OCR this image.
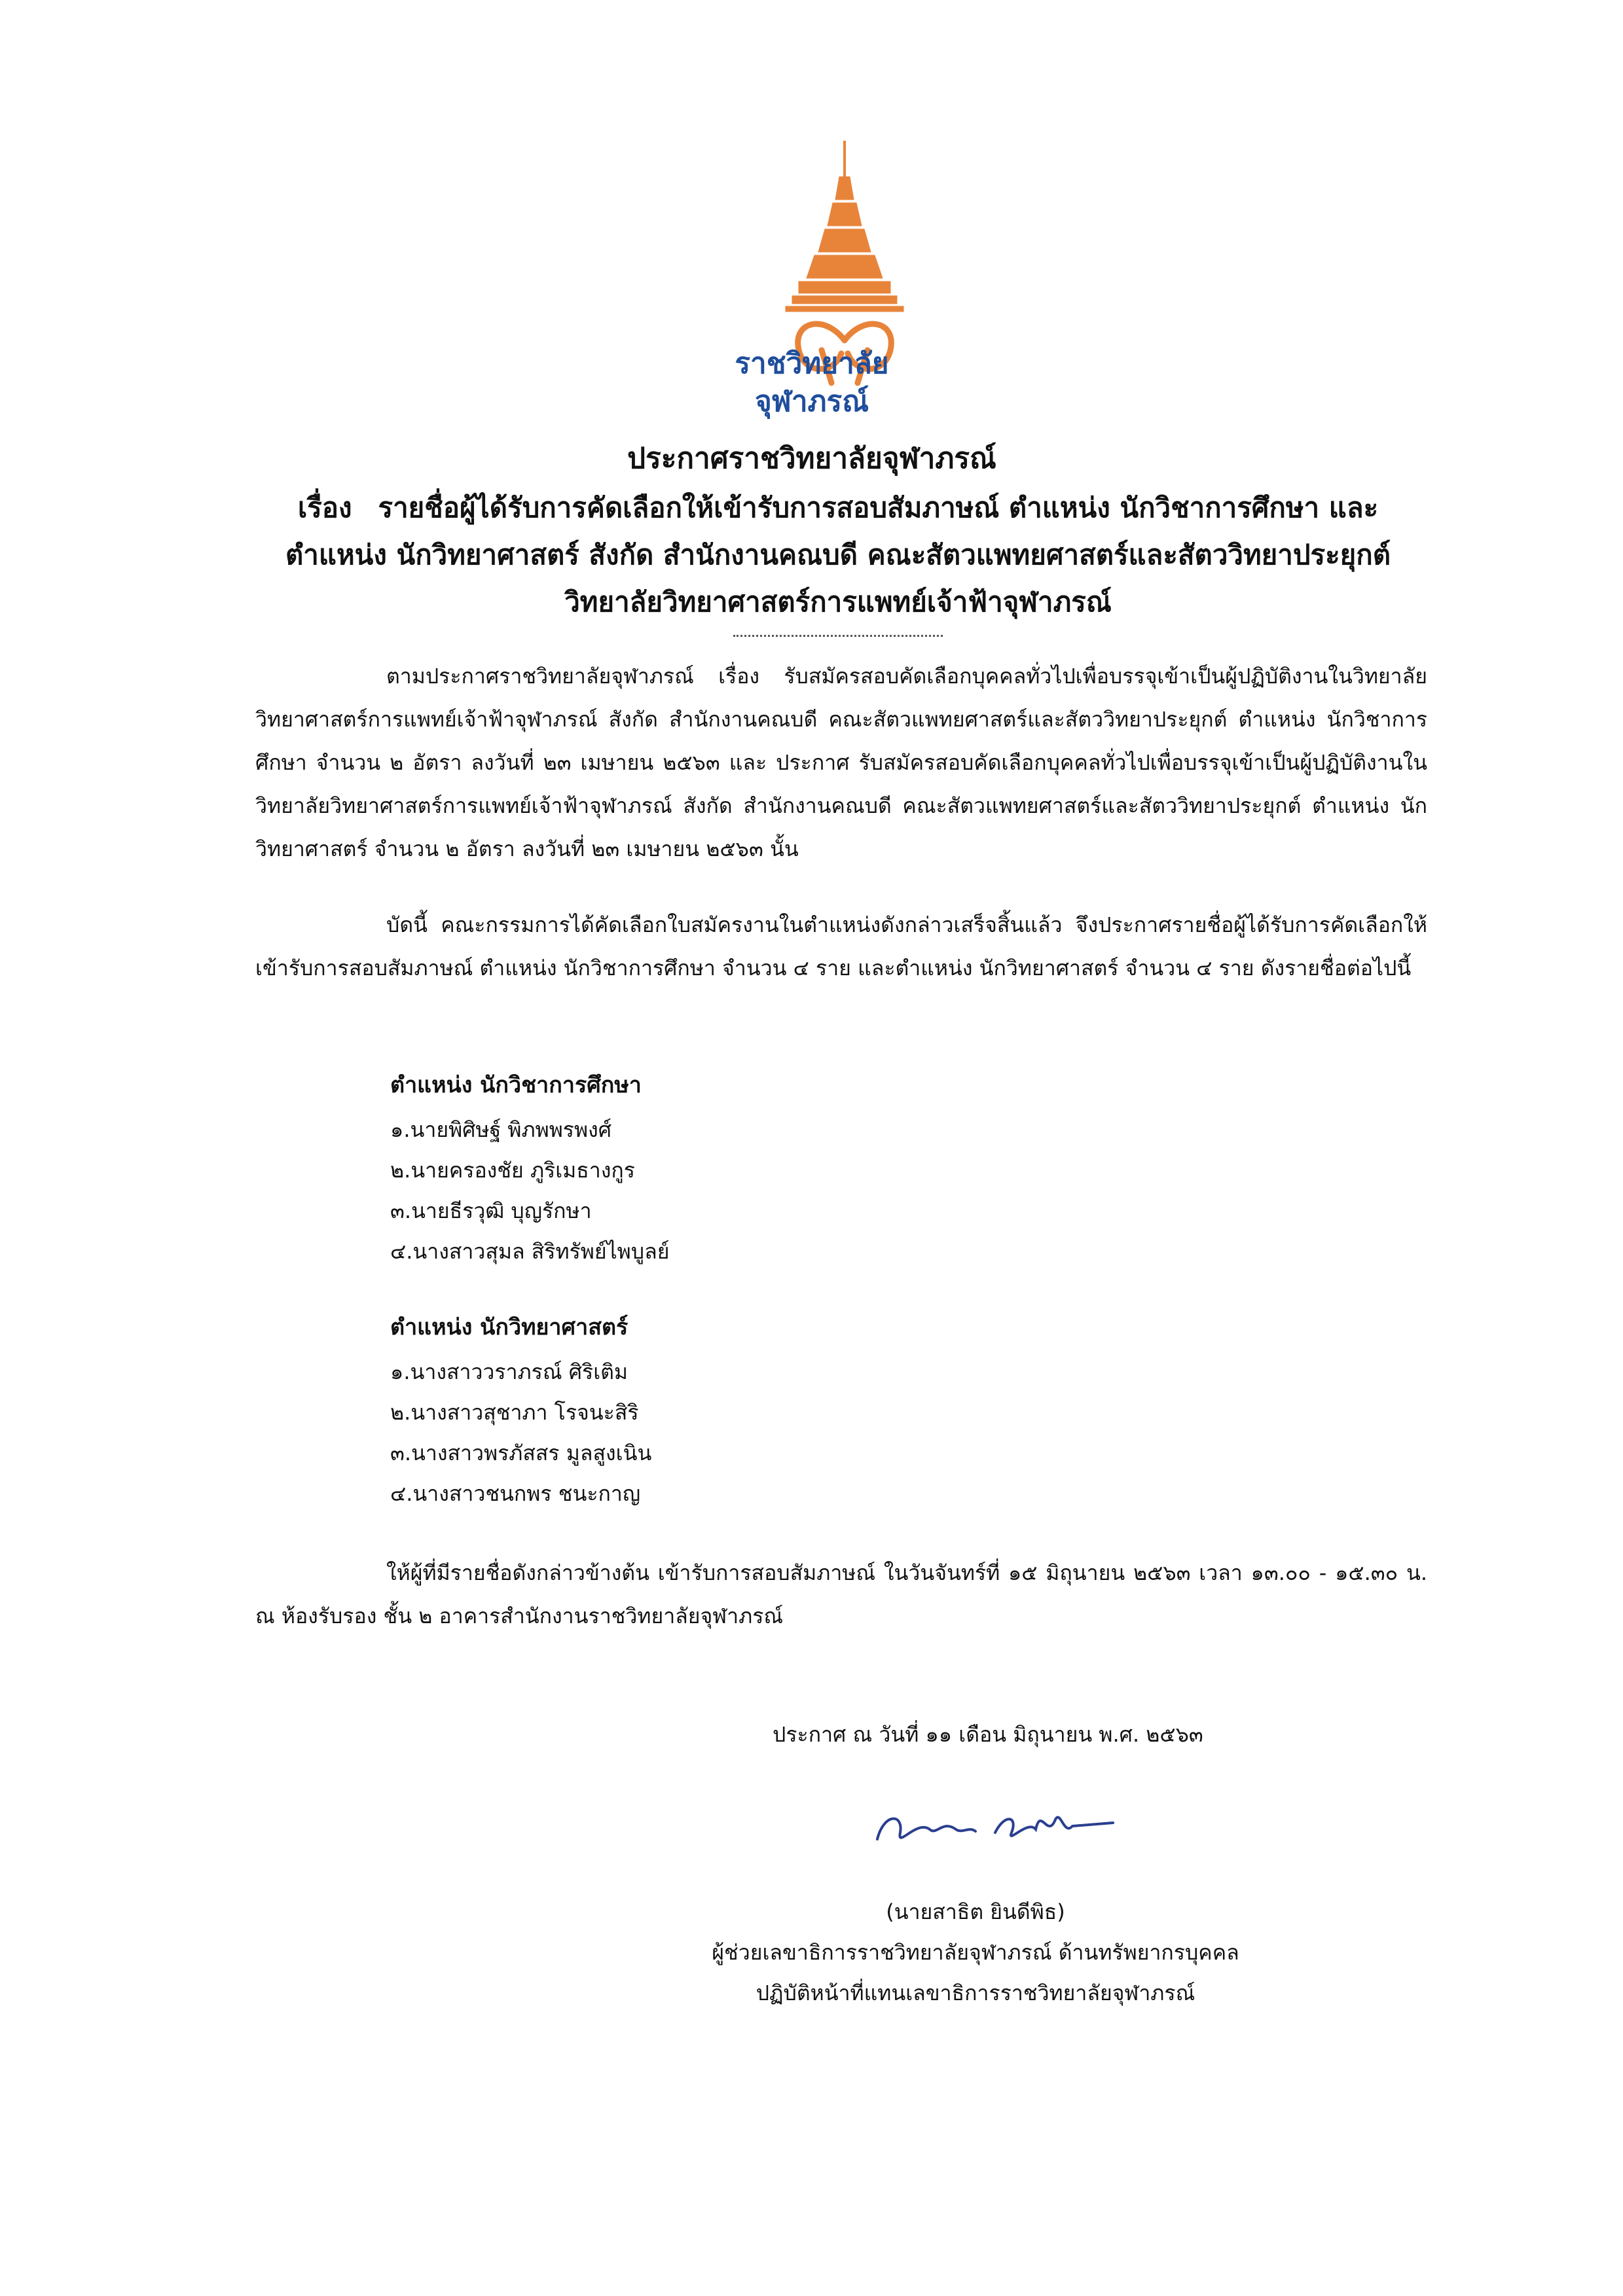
ราชวิทยาลัย
จุฬาภรณ์
ประกาศราชวิทยาลัยจุฬาภรณ์
เรื่อง รายชื่อผู้ได้รับการคัดเลือกให้เข้ารับการสอบสัมภาษณ์ ตำแหน่ง นักวิชาการศึกษา และตำแหน่ง นักวิทยาศาสตร์ สังกัด สำนักงานคณบดี คณะสัตวแพทยศาสตร์และสัตววิทยาประยุกต์ วิทยาลัยวิทยาศาสตร์การแพทย์เจ้าฟ้าจุฬาภรณ์
ตามประกาศราชวิทยาลัยจุฬาภรณ์ เรื่อง รับสมัครสอบคัดเลือกบุคคลทั่วไปเพื่อบรรจุเข้าเป็นผู้ปฏิบัติงานในวิทยาลัยวิทยาศาสตร์การแพทย์เจ้าฟ้าจุฬาภรณ์ สังกัด สำนักงานคณบดี คณะสัตวแพทยศาสตร์และสัตววิทยาประยุกต์ ตำแหน่ง นักวิชาการศึกษา จำนวน ๒ อัตรา ลงวันที่ ๒๓ เมษายน ๒๕๖๓ และ ประกาศ รับสมัครสอบคัดเลือกบุคคลทั่วไปเพื่อบรรจุเข้าเป็นผู้ปฏิบัติงานในวิทยาลัยวิทยาศาสตร์การแพทย์เจ้าฟ้าจุฬาภรณ์ สังกัด สำนักงานคณบดี คณะสัตวแพทยศาสตร์และสัตววิทยาประยุกต์ ตำแหน่ง นักวิทยาศาสตร์ จำนวน ๒ อัตรา ลงวันที่ ๒๓ เมษายน ๒๕๖๓ นั้น
บัดนี้ คณะกรรมการได้คัดเลือกใบสมัครงานในตำแหน่งดังกล่าวเสร็จสิ้นแล้ว จึงประกาศรายชื่อผู้ได้รับการคัดเลือกให้เข้ารับการสอบสัมภาษณ์ ตำแหน่ง นักวิชาการศึกษา จำนวน ๔ ราย และตำแหน่ง นักวิทยาศาสตร์ จำนวน ๔ ราย ดังรายชื่อต่อไปนี้
ตำแหน่ง นักวิชาการศึกษา
๑.นายพิศิษฐ์ พิภพพรพงศ์
๒.นายครองชัย ภูริเมธางกูร
๓.นายธีรวุฒิ บุญรักษา
๔.นางสาวสุมล สิริทรัพย์ไพบูลย์
ตำแหน่ง นักวิทยาศาสตร์
๑.นางสาววราภรณ์ ศิริเติม
๒.นางสาวสุชาภา โรจนะสิริ
๓.นางสาวพรภัสสร มูลสูงเนิน
๔.นางสาวชนกพร ชนะกาญ
ให้ผู้ที่มีรายชื่อดังกล่าวข้างต้น เข้ารับการสอบสัมภาษณ์ ในวันจันทร์ที่ ๑๕ มิถุนายน ๒๕๖๓ เวลา ๑๓.๐๐ - ๑๕.๓๐ น. ณ ห้องรับรอง ชั้น ๒ อาคารสำนักงานราชวิทยาลัยจุฬาภรณ์
ประกาศ ณ วันที่ ๑๑ เดือน มิถุนายน พ.ศ. ๒๕๖๓
(นายสาธิต ยินดีพิธ)
ผู้ช่วยเลขาธิการราชวิทยาลัยจุฬาภรณ์ ด้านทรัพยากรบุคคล
ปฏิบัติหน้าที่แทนเลขาธิการราชวิทยาลัยจุฬาภรณ์
